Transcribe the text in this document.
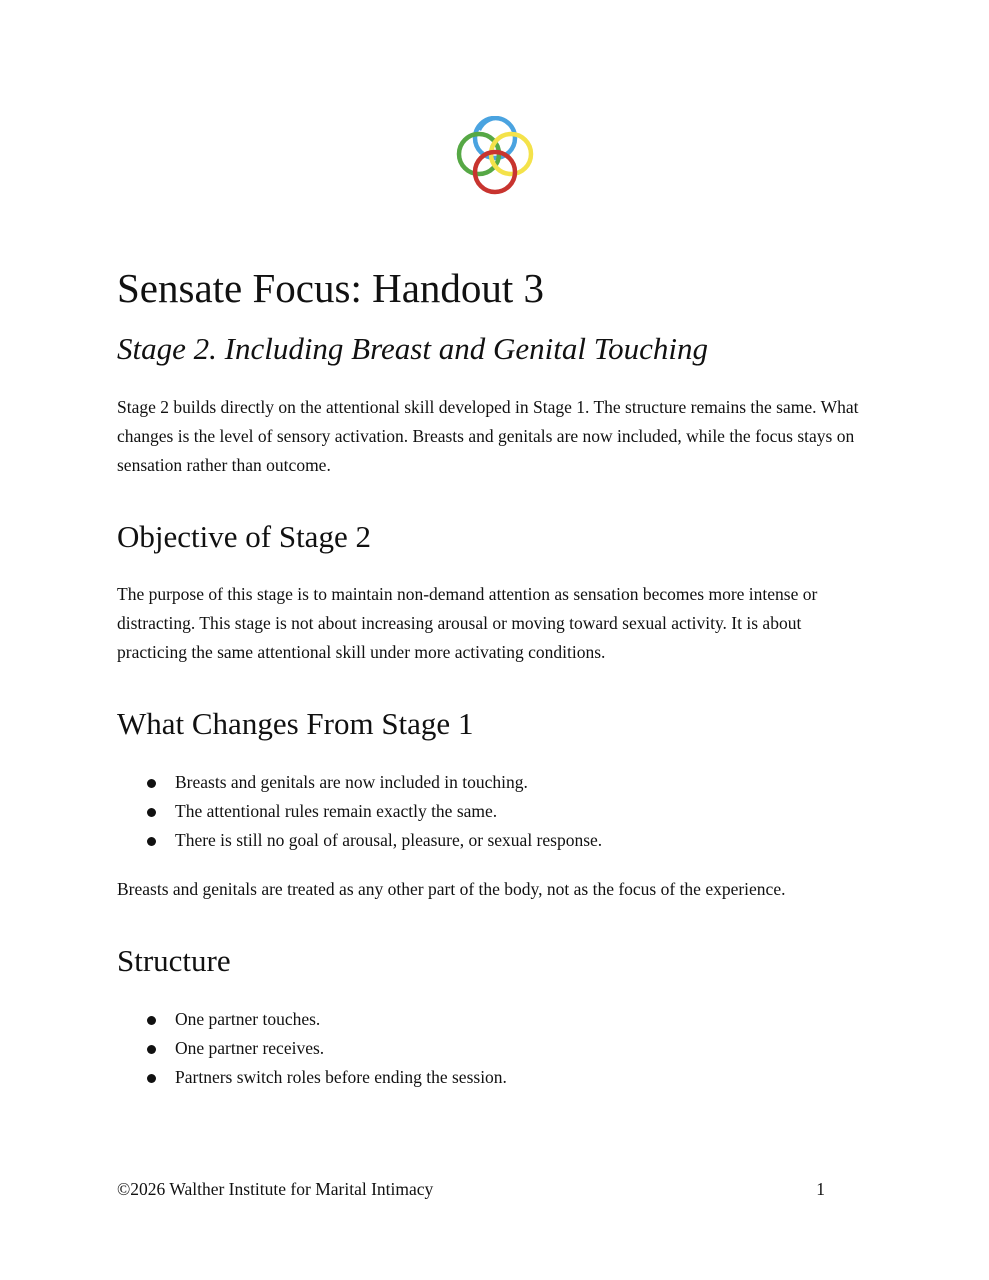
Sensate Focus: Handout 3
Stage 2. Including Breast and Genital Touching

Stage 2 builds directly on the attentional skill developed in Stage 1. The structure remains the same. What changes is the level of sensory activation. Breasts and genitals are now included, while the focus stays on sensation rather than outcome.

Objective of Stage 2

The purpose of this stage is to maintain non-demand attention as sensation becomes more intense or distracting. This stage is not about increasing arousal or moving toward sexual activity. It is about practicing the same attentional skill under more activating conditions.

What Changes From Stage 1
Breasts and genitals are now included in touching.
The attentional rules remain exactly the same.
There is still no goal of arousal, pleasure, or sexual response.

Breasts and genitals are treated as any other part of the body, not as the focus of the experience.

Structure
One partner touches.
One partner receives.
Partners switch roles before ending the session.
©2026 Walther Institute for Marital Intimacy	1
